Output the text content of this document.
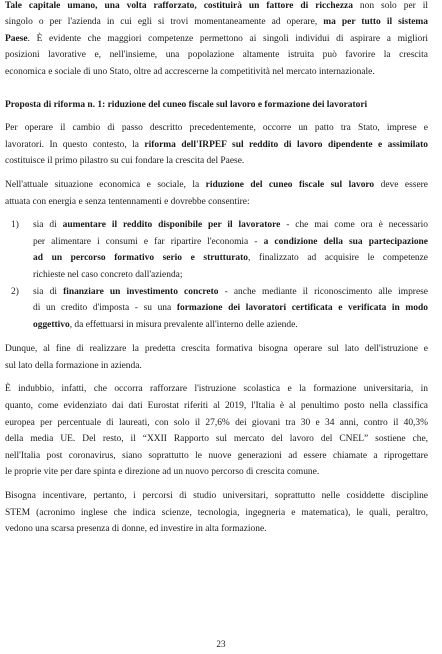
Tale capitale umano, una volta rafforzato, costituirà un fattore di ricchezza non solo per il

singolo o per l'azienda in cui egli si trovi momentaneamente ad operare, ma per tutto il sistema

Paese. È evidente che maggiori competenze permettono ai singoli individui di aspirare a migliori

posizioni lavorative e, nell'insieme, una popolazione altamente istruita può favorire la crescita

economica e sociale di uno Stato, oltre ad accrescerne la competitività nel mercato internazionale.

Proposta di riforma n. 1: riduzione del cuneo fiscale sul lavoro e formazione dei lavoratori

Per operare il cambio di passo descritto precedentemente, occorre un patto tra Stato, imprese e

lavoratori. In questo contesto, la riforma dell'IRPEF sul reddito di lavoro dipendente e assimilato

costituisce il primo pilastro su cui fondare la crescita del Paese.

Nell'attuale situazione economica e sociale, la riduzione del cuneo fiscale sul lavoro deve essere

attuata con energia e senza tentennamenti e dovrebbe consentire:

1) sia di aumentare il reddito disponibile per il lavoratore - che mai come ora è necessario

per alimentare i consumi e far ripartire l'economia - a condizione della sua partecipazione

ad un percorso formativo serio e strutturato, finalizzato ad acquisire le competenze

richieste nel caso concreto dall'azienda;

2) sia di finanziare un investimento concreto - anche mediante il riconoscimento alle imprese

di un credito d'imposta - su una formazione dei lavoratori certificata e verificata in modo

oggettivo, da effettuarsi in misura prevalente all'interno delle aziende.

Dunque, al fine di realizzare la predetta crescita formativa bisogna operare sul lato dell'istruzione e

sul lato della formazione in azienda.

È indubbio, infatti, che occorra rafforzare l'istruzione scolastica e la formazione universitaria, in

quanto, come evidenziato dai dati Eurostat riferiti al 2019, l'Italia è al penultimo posto nella classifica

europea per percentuale di laureati, con solo il 27,6% dei giovani tra 30 e 34 anni, contro il 40,3%

della media UE. Del resto, il “XXII Rapporto sul mercato del lavoro del CNEL” sostiene che,

nell'Italia post coronavirus, siano soprattutto le nuove generazioni ad essere chiamate a riprogettare

le proprie vite per dare spinta e direzione ad un nuovo percorso di crescita comune.

Bisogna incentivare, pertanto, i percorsi di studio universitari, soprattutto nelle cosiddette discipline

STEM (acronimo inglese che indica scienze, tecnologia, ingegneria e matematica), le quali, peraltro,

vedono una scarsa presenza di donne, ed investire in alta formazione.

23
